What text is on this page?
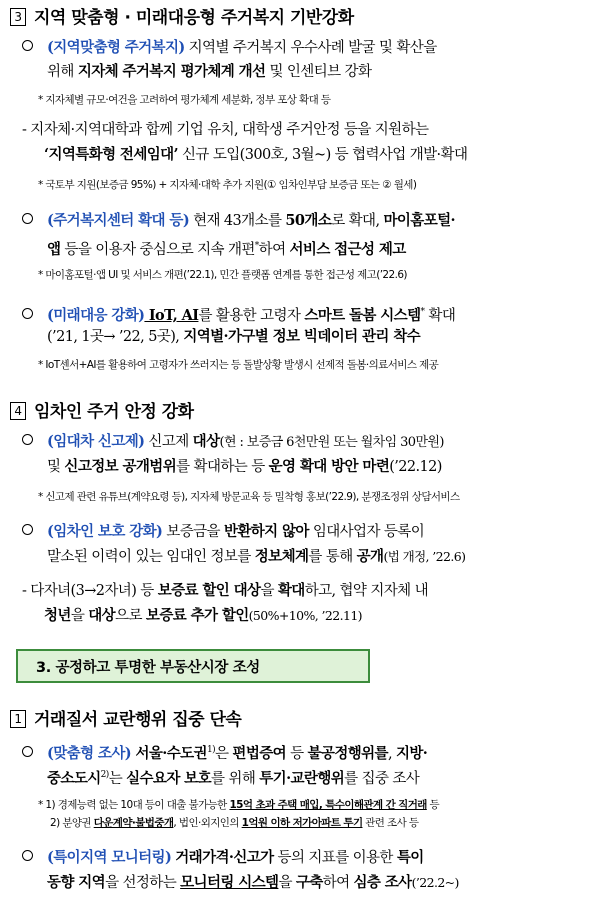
3 지역 맞춤형 · 미래대응형 주거복지 기반강화
(지역맞춤형 주거복지) 지역별 주거복지 우수사례 발굴 및 확산을
위해 지자체 주거복지 평가체계 개선 및 인센티브 강화
* 지자체별 규모·여건을 고려하여 평가체계 세분화, 정부 포상 확대 등
- 지자체·지역대학과 합께 기업 유치, 대학생 주거안정 등을 지원하는
‘지역특화형 전세임대’ 신규 도입(300호, 3월~) 등 협력사업 개발·확대
* 국토부 지원(보증금 95%) + 지자체·대학 추가 지원(① 임차인부담 보증금 또는 ② 월세)
(주거복지센터 확대 등) 현재 43개소를 50개소로 확대, 마이홈포털·
앱 등을 이용자 중심으로 지속 개편*하여 서비스 접근성 제고
* 마이홈포털·앱 UI 및 서비스 개편(’22.1), 민간 플랫폼 연계를 통한 접근성 제고(’22.6)
(미래대응 강화) IoT, AI를 활용한 고령자 스마트 돌봄 시스템* 확대
(’21, 1곳→ ’22, 5곳), 지역별·가구별 정보 빅데이터 관리 착수
* IoT센서+AI를 활용하여 고령자가 쓰러지는 등 돌발상황 발생시 선제적 돌봄·의료서비스 제공
4 임차인 주거 안정 강화
(임대차 신고제) 신고제 대상(현 : 보증금 6천만원 또는 월차임 30만원)
및 신고정보 공개범위를 확대하는 등 운영 확대 방안 마련(’22.12)
* 신고제 관련 유튜브(계약요령 등), 지자체 방문교육 등 밀착형 홍보(’22.9), 분쟁조정위 상담서비스
(임차인 보호 강화) 보증금을 반환하지 않아 임대사업자 등록이
말소된 이력이 있는 임대인 정보를 정보체계를 통해 공개(법 개정, ’22.6)
- 다자녀(3→2자녀) 등 보증료 할인 대상을 확대하고, 협약 지자체 내
청년을 대상으로 보증료 추가 할인(50%+10%, ’22.11)
3. 공정하고 투명한 부동산시장 조성
1 거래질서 교란행위 집중 단속
(맞춤형 조사) 서울·수도권$^{1)}$은 편법증여 등 불공정행위를, 지방·
중소도시$^{2)}$는 실수요자 보호를 위해 투기·교란행위를 집중 조사
* 1) 경제능력 없는 10대 등이 대출 불가능한 15억 초과 주택 매입, 특수이해관계 간 직거래 등
2) 분양권 다운계약·불법중개, 법인·외지인의 1억원 이하 저가아파트 투기 관련 조사 등
(특이지역 모니터링) 거래가격·신고가 등의 지표를 이용한 특이
동향 지역을 선정하는 모니터링 시스템을 구축하여 심층 조사(’22.2~)
